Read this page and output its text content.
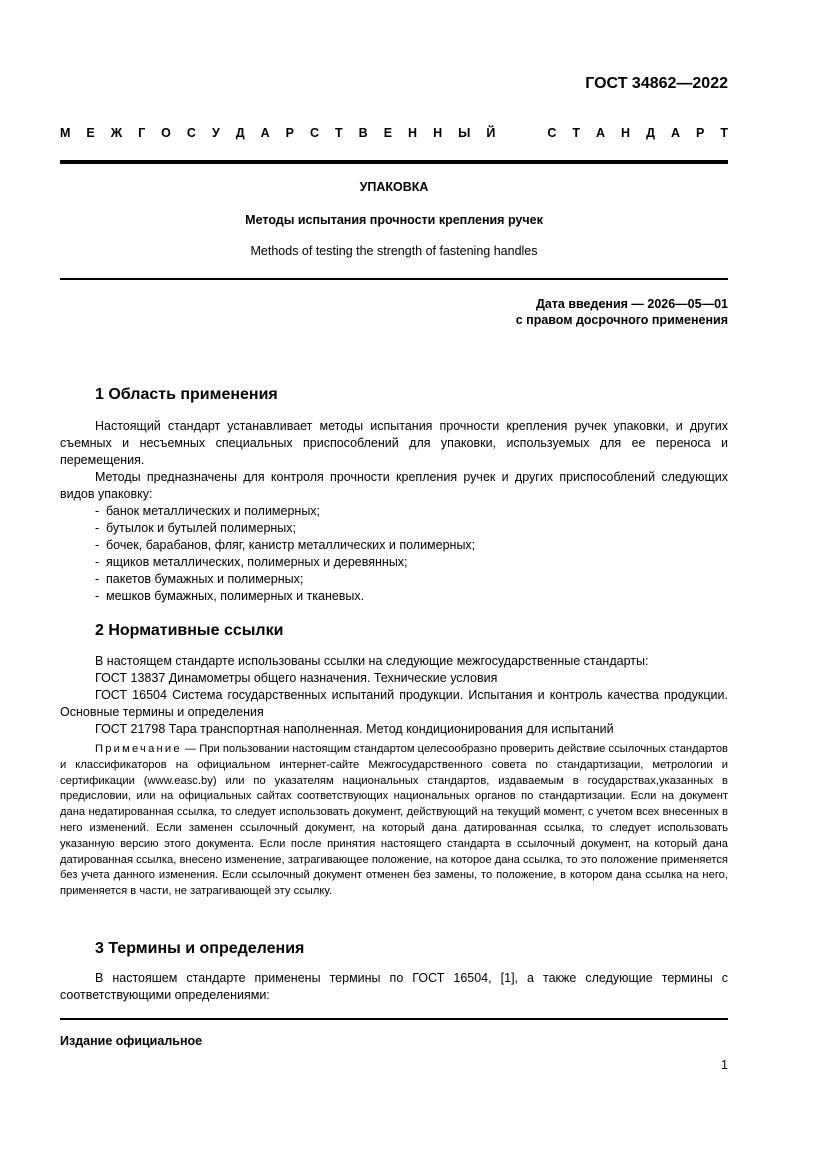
ГОСТ 34862—2022
М Е Ж Г О С У Д А Р С Т В Е Н Н Ы Й	С Т А Н Д А Р Т
УПАКОВКА
Методы испытания прочности крепления ручек
Methods of testing the strength of fastening handles
Дата введения — 2026—05—01
с правом досрочного применения
1 Область применения

Настоящий стандарт устанавливает методы испытания прочности крепления ручек упаковки, и других съемных и несъемных специальных приспособлений для упаковки, используемых для ее переноса и перемещения.

Методы предназначены для контроля прочности крепления ручек и других приспособлений следующих видов упаковку:

- банок металлических и полимерных;
- бутылок и бутылей полимерных;
- бочек, барабанов, фляг, канистр металлических и полимерных;
- ящиков металлических, полимерных и деревянных;
- пакетов бумажных и полимерных;
- мешков бумажных, полимерных и тканевых.
2 Нормативные ссылки

В настоящем стандарте использованы ссылки на следующие межгосударственные стандарты:

ГОСТ 13837 Динамометры общего назначения. Технические условия

ГОСТ 16504 Система государственных испытаний продукции. Испытания и контроль качества продукции. Основные термины и определения

ГОСТ 21798 Тара транспортная наполненная. Метод кондиционирования для испытаний

Примечание — При пользовании настоящим стандартом целесообразно проверить действие ссылочных стандартов и классификаторов на официальном интернет-сайте Межгосударственного совета по стандартизации, метрологии и сертификации (www.easc.by) или по указателям национальных стандартов, издаваемым в государствах,указанных в предисловии, или на официальных сайтах соответствующих национальных органов по стандартизации. Если на документ дана недатированная ссылка, то следует использовать документ, действующий на текущий момент, с учетом всех внесенных в него изменений. Если заменен ссылочный документ, на который дана датированная ссылка, то следует использовать указанную версию этого документа. Если после принятия настоящего стандарта в ссылочный документ, на который дана датированная ссылка, внесено изменение, затрагивающее положение, на которое дана ссылка, то это положение применяется без учета данного изменения. Если ссылочный документ отменен без замены, то положение, в котором дана ссылка на него, применяется в части, не затрагивающей эту ссылку.

3 Термины и определения

В настояшем стандарте применены термины по ГОСТ 16504, [1], а также следующие термины с соответствующими определениями:

Издание официальное
1
